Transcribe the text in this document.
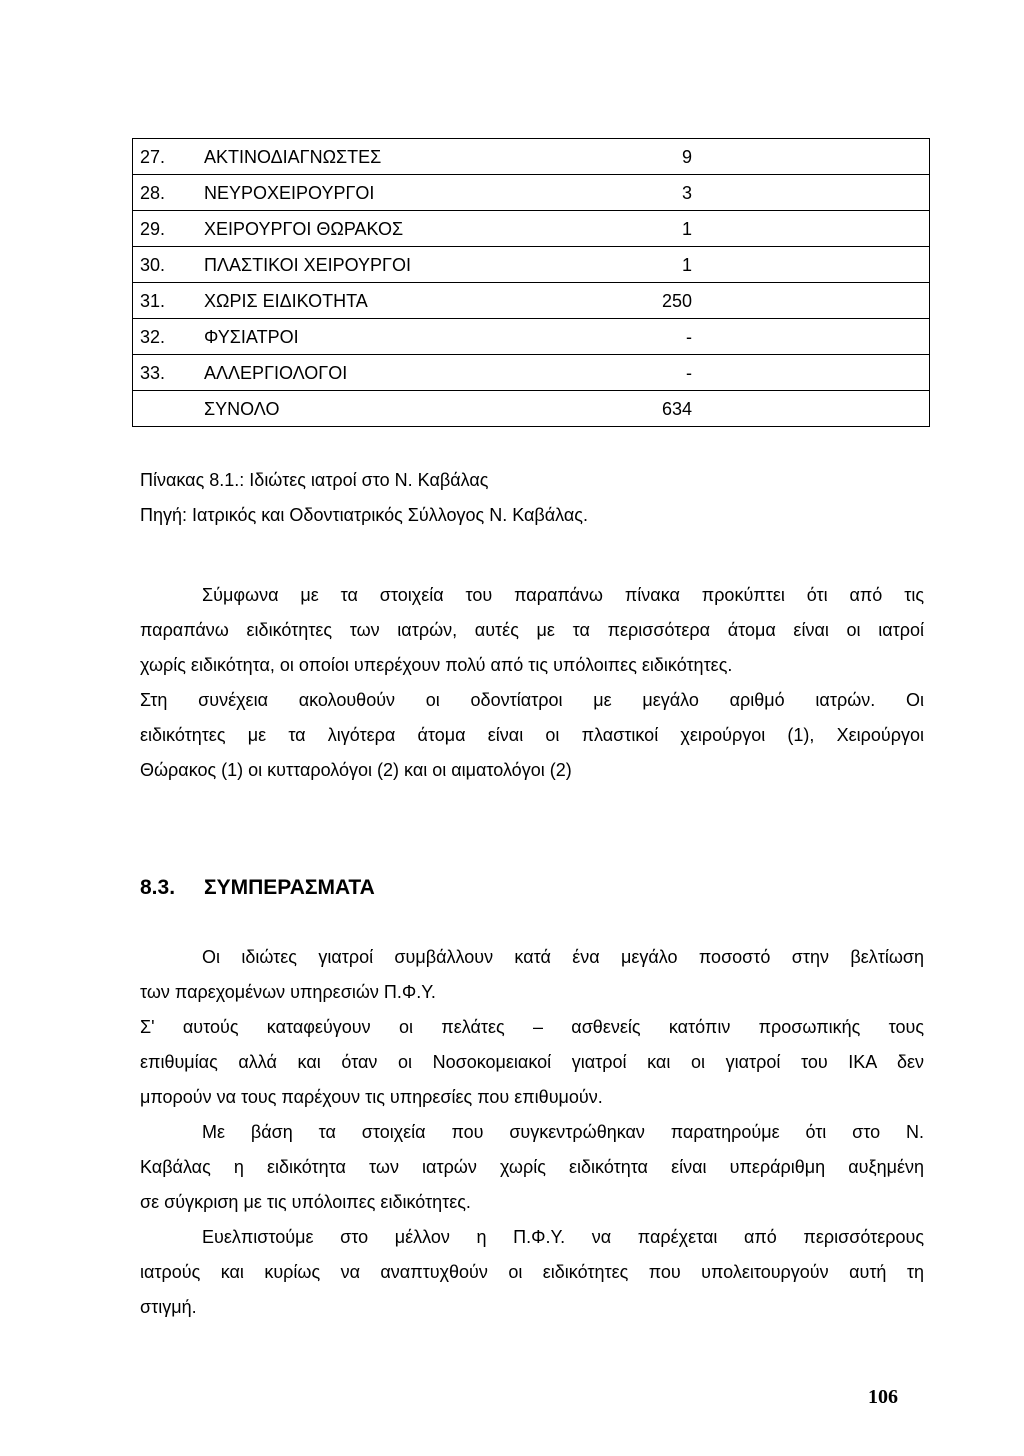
27. ΑΚΤΙΝΟΔΙΑΓΝΩΣΤΕΣ	9
28. ΝΕΥΡΟΧΕΙΡΟΥΡΓΟΙ	3
29. ΧΕΙΡΟΥΡΓΟΙ ΘΩΡΑΚΟΣ	1
30. ΠΛΑΣΤΙΚΟΙ ΧΕΙΡΟΥΡΓΟΙ	1
31. ΧΩΡΙΣ ΕΙΔΙΚΟΤΗΤΑ	250
32. ΦΥΣΙΑΤΡΟΙ	-
33. ΑΛΛΕΡΓΙΟΛΟΓΟΙ	-
ΣΥΝΟΛΟ	634
Πίνακας 8.1.: Ιδιώτες ιατροί στο Ν. Καβάλας
Πηγή: Ιατρικός και Οδοντιατρικός Σύλλογος Ν. Καβάλας.
Σύμφωνα με τα στοιχεία του παραπάνω πίνακα προκύπτει ότι από τις
παραπάνω ειδικότητες των ιατρών, αυτές με τα περισσότερα άτομα είναι οι ιατροί
χωρίς ειδικότητα, οι οποίοι υπερέχουν πολύ από τις υπόλοιπες ειδικότητες.
Στη συνέχεια ακολουθούν οι οδοντίατροι με μεγάλο αριθμό ιατρών. Οι
ειδικότητες με τα λιγότερα άτομα είναι οι πλαστικοί χειρούργοι (1), Χειρούργοι
Θώρακος (1) οι κυτταρολόγοι (2) και οι αιματολόγοι (2)
8.3. ΣΥΜΠΕΡΑΣΜΑΤΑ
Οι ιδιώτες γιατροί συμβάλλουν κατά ένα μεγάλο ποσοστό στην βελτίωση
των παρεχομένων υπηρεσιών Π.Φ.Υ.
Σ' αυτούς καταφεύγουν οι πελάτες – ασθενείς κατόπιν προσωπικής τους
επιθυμίας αλλά και όταν οι Νοσοκομειακοί γιατροί και οι γιατροί του ΙΚΑ δεν
μπορούν να τους παρέχουν τις υπηρεσίες που επιθυμούν.
Με βάση τα στοιχεία που συγκεντρώθηκαν παρατηρούμε ότι στο Ν.
Καβάλας η ειδικότητα των ιατρών χωρίς ειδικότητα είναι υπεράριθμη αυξημένη
σε σύγκριση με τις υπόλοιπες ειδικότητες.
Ευελπιστούμε στο μέλλον η Π.Φ.Υ. να παρέχεται από περισσότερους
ιατρούς και κυρίως να αναπτυχθούν οι ειδικότητες που υπολειτουργούν αυτή τη
στιγμή.
106
